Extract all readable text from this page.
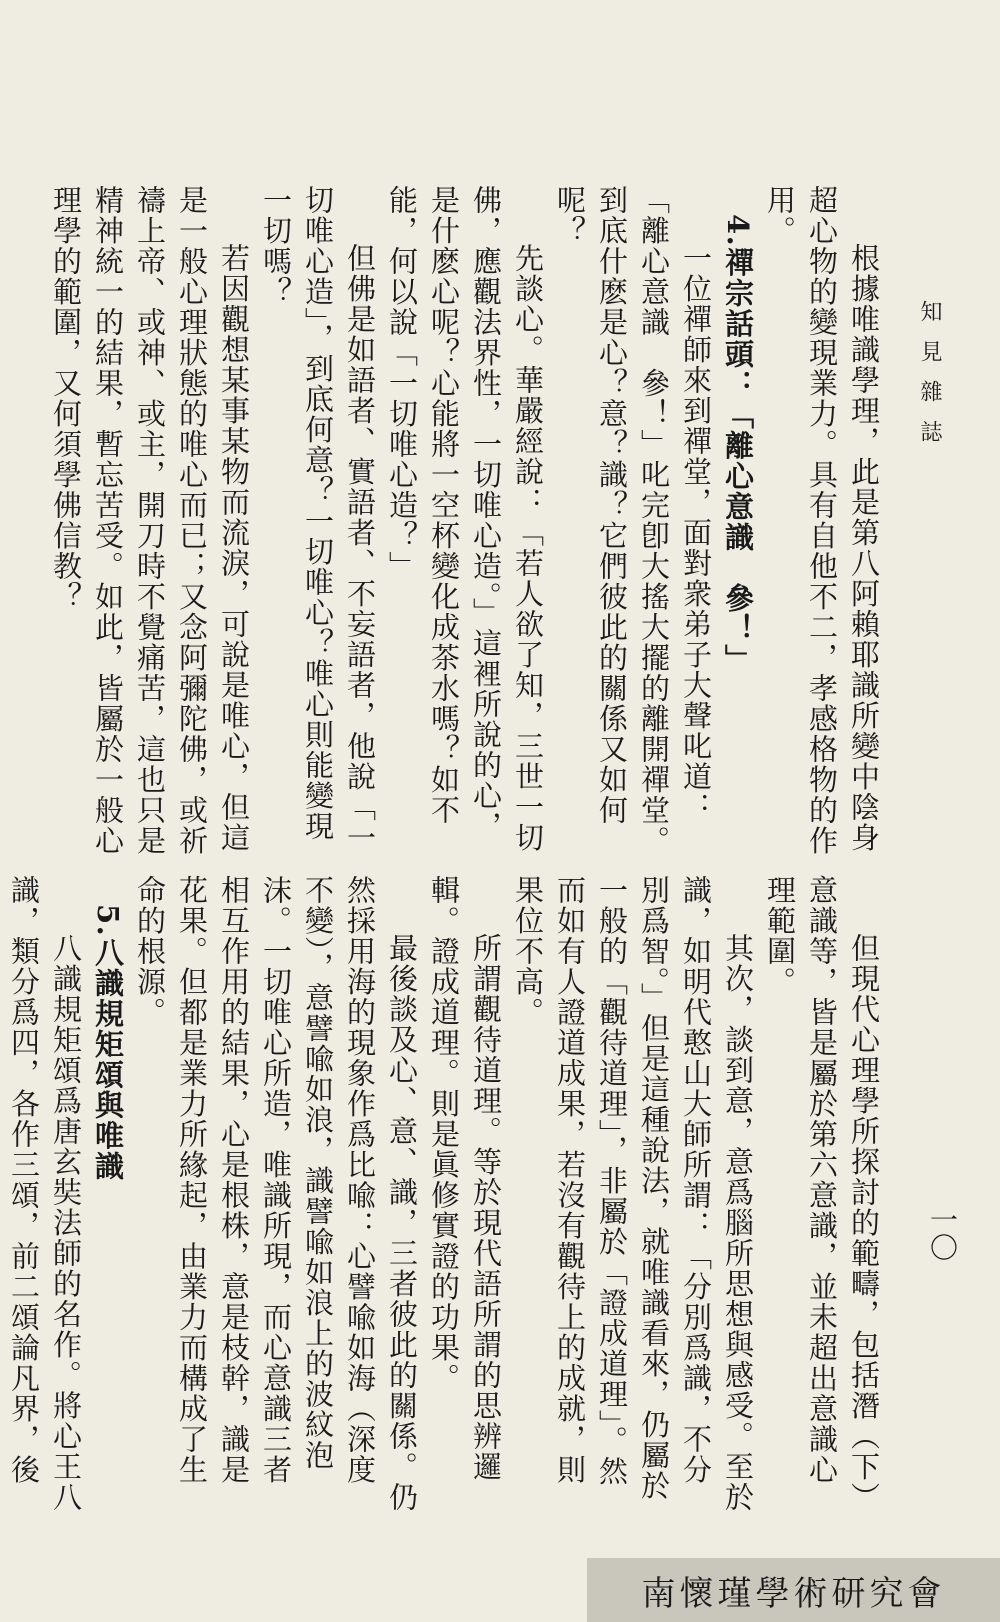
知見雜誌
一〇

根據唯識學理，此是第八阿賴耶識所變中陰身超心物的變現業力。具有自他不二，孝感格物的作用。

4.禪宗話頭：「離心意識　參！」

一位禪師來到禪堂，面對衆弟子大聲叱道：「離心意識　參！」叱完卽大搖大擺的離開禪堂。到底什麽是心？意？識？它們彼此的關係又如何呢？

先談心。華嚴經說：「若人欲了知，三世一切佛，應觀法界性，一切唯心造。」這裡所說的心，是什麽心呢？心能將一空杯變化成茶水嗎？如不能，何以說「一切唯心造？」

但佛是如語者、實語者、不妄語者，他說「一切唯心造」，到底何意？一切唯心？唯心則能變現一切嗎？

若因觀想某事某物而流淚，可說是唯心，但這是一般心理狀態的唯心而已；又念阿彌陀佛，或祈禱上帝、或神、或主，開刀時不覺痛苦，這也只是精神統一的結果，暫忘苦受。如此，皆屬於一般心理學的範圍，又何須學佛信教？

但現代心理學所探討的範疇，包括潛（下）意識等，皆是屬於第六意識，並未超出意識心理範圍。

其次，談到意，意爲腦所思想與感受。至於識，如明代憨山大師所謂：「分別爲識，不分別爲智。」但是這種說法，就唯識看來，仍屬於一般的「觀待道理」，非屬於「證成道理」。然而如有人證道成果，若沒有觀待上的成就，則果位不高。

所謂觀待道理。等於現代語所謂的思辨邏輯。證成道理。則是眞修實證的功果。

最後談及心、意、識，三者彼此的關係。仍然採用海的現象作爲比喩：心譬喩如海（深度不變），意譬喩如浪，識譬喩如浪上的波紋泡沫。一切唯心所造，唯識所現，而心意識三者相互作用的結果，心是根株，意是枝幹，識是花果。但都是業力所緣起，由業力而構成了生命的根源。

5.八識規矩頌與唯識

八識規矩頌爲唐玄奘法師的名作。將心王八識，類分爲四，各作三頌，前二頌論凡界，後

南懷瑾學術研究會
